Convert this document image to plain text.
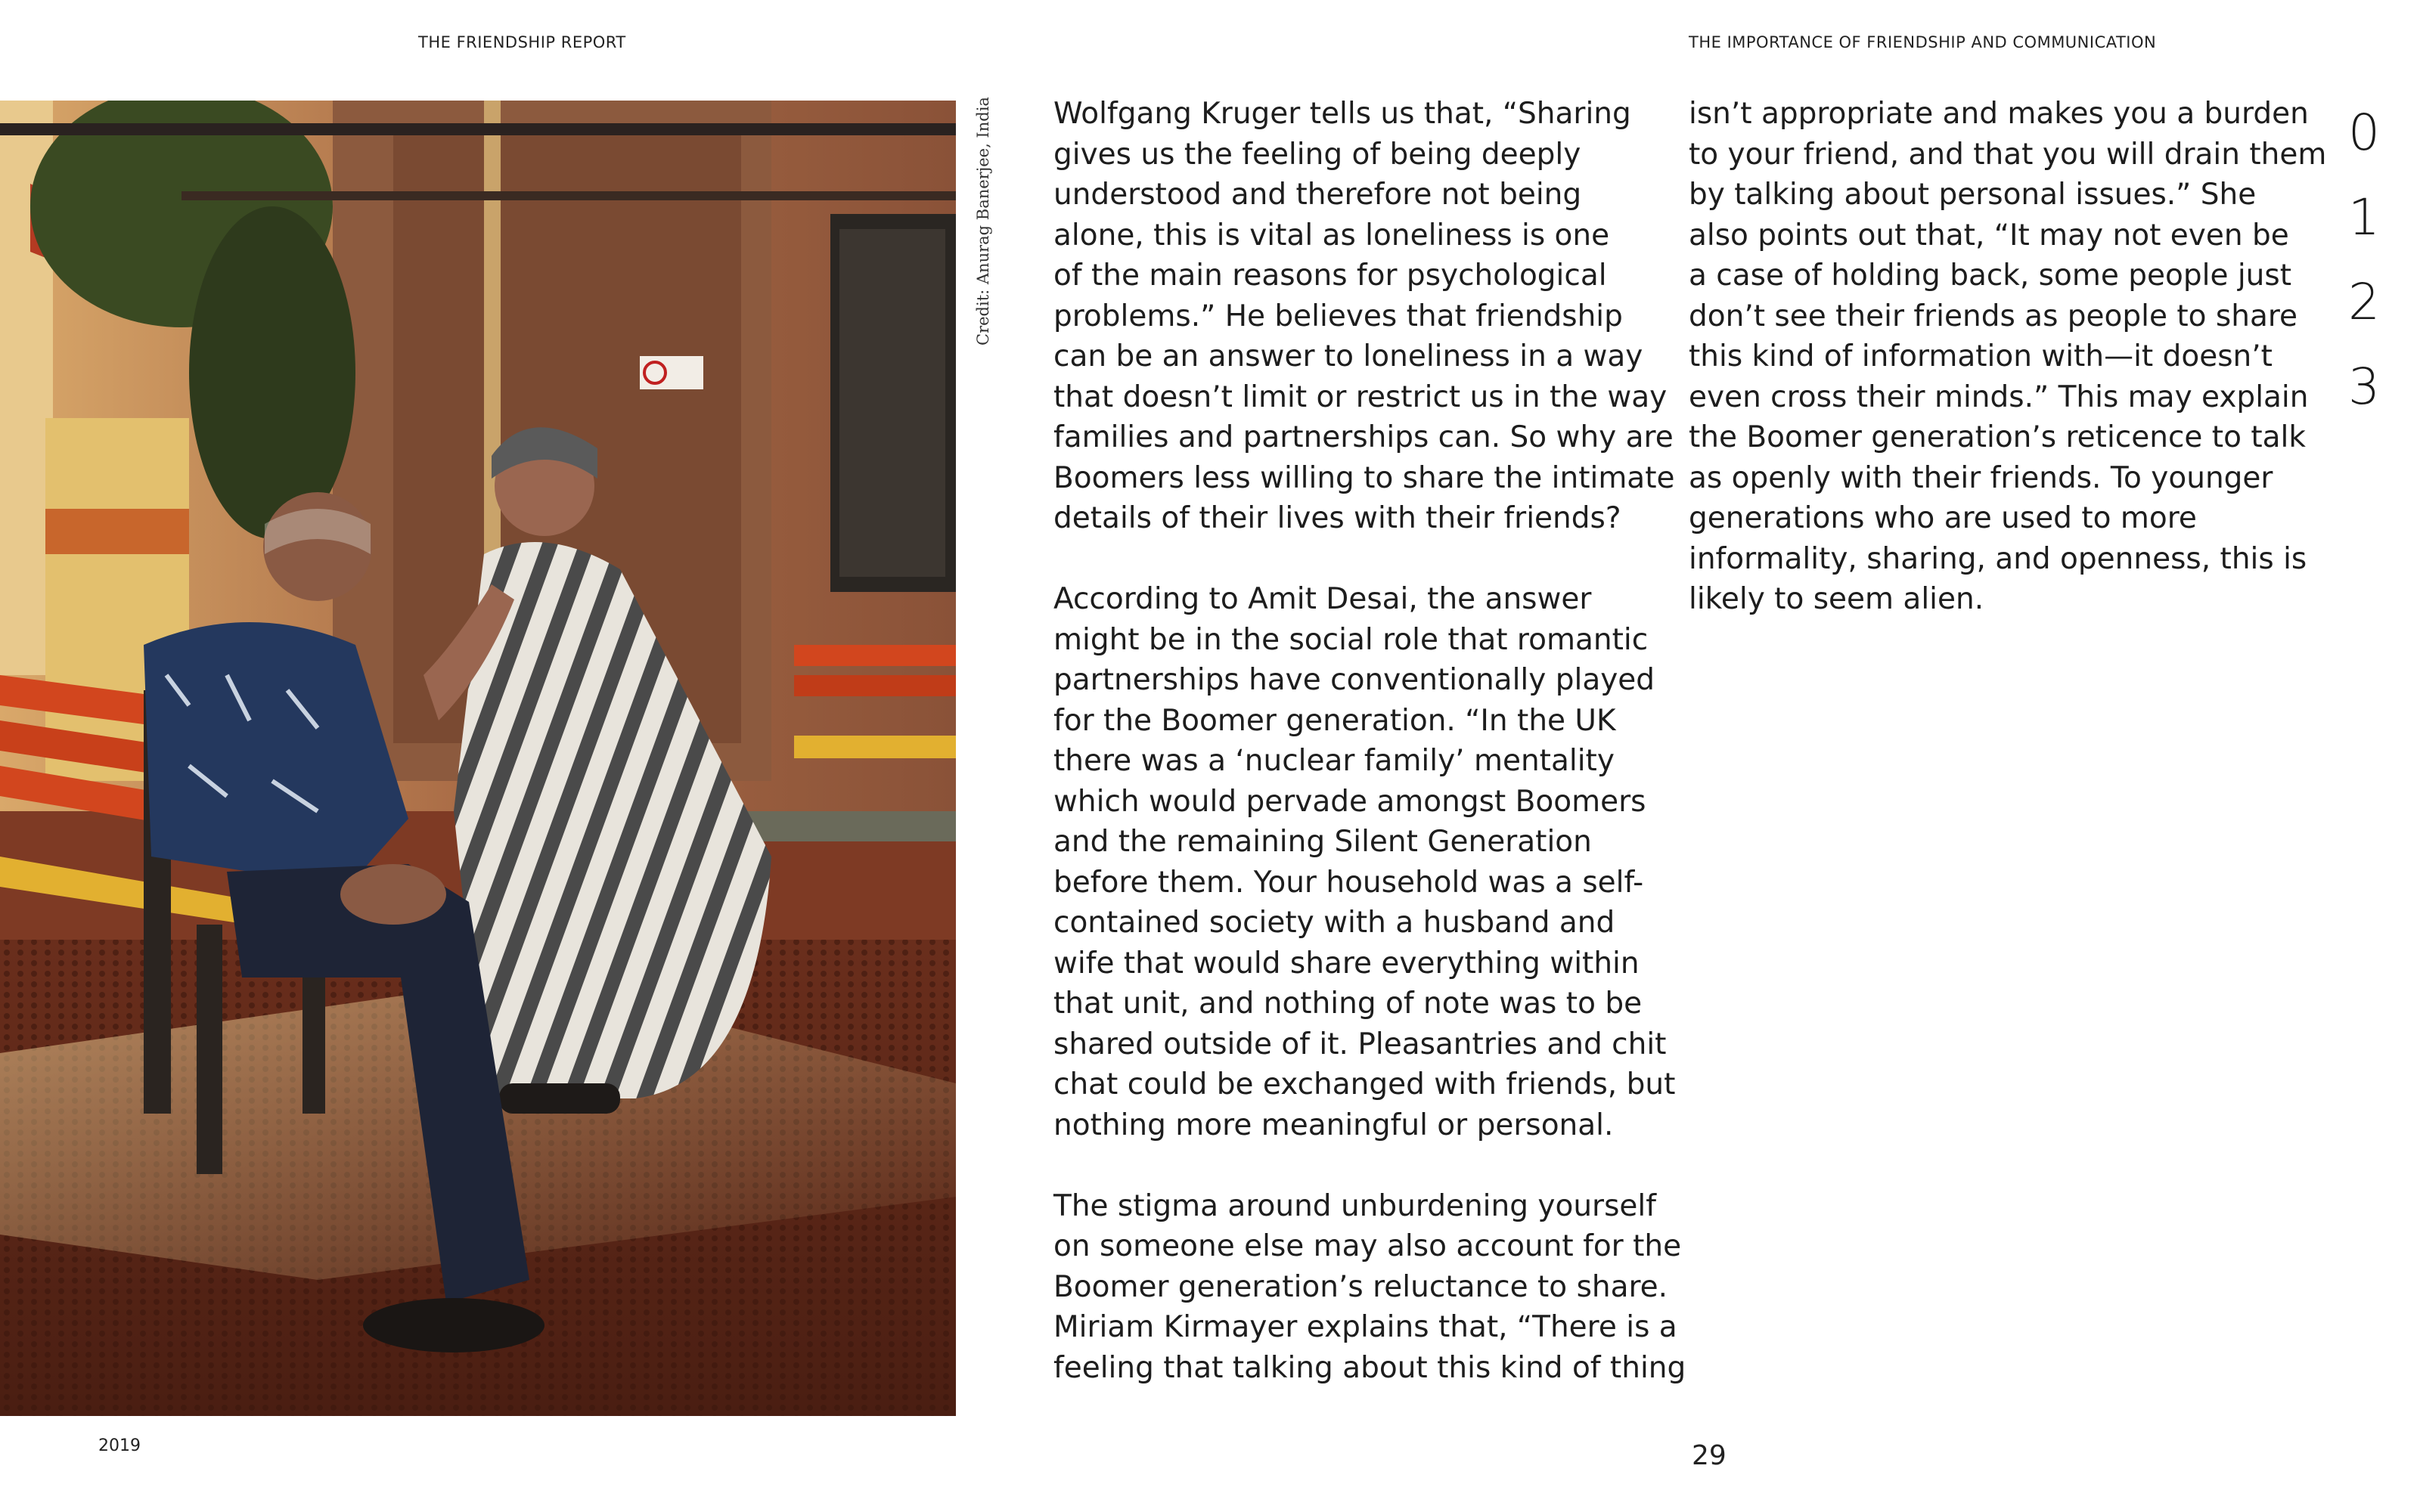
THE FRIENDSHIP REPORT	THE IMPORTANCE OF FRIENDSHIP AND COMMUNICATION
Credit: Anurag Banerjee, India Wolfgang Kruger tells us that, “Sharing
gives us the feeling of being deeply
understood and therefore not being
alone, this is vital as loneliness is one
of the main reasons for psychological
problems.” He believes that friendship
can be an answer to loneliness in a way
that doesn’t limit or restrict us in the way
families and partnerships can. So why are
Boomers less willing to share the intimate
details of their lives with their friends?

According to Amit Desai, the answer
might be in the social role that romantic
partnerships have conventionally played
for the Boomer generation. “In the UK
there was a ‘nuclear family’ mentality
which would pervade amongst Boomers
and the remaining Silent Generation
before them. Your household was a self-
contained society with a husband and
wife that would share everything within
that unit, and nothing of note was to be
shared outside of it. Pleasantries and chit
chat could be exchanged with friends, but
nothing more meaningful or personal.

The stigma around unburdening yourself
on someone else may also account for the
Boomer generation’s reluctance to share.
Miriam Kirmayer explains that, “There is a
feeling that talking about this kind of thing

isn’t appropriate and makes you a burden
to your friend, and that you will drain them
by talking about personal issues.” She
also points out that, “It may not even be
a case of holding back, some people just
don’t see their friends as people to share
this kind of information with—it doesn’t
even cross their minds.” This may explain
the Boomer generation’s reticence to talk
as openly with their friends. To younger
generations who are used to more
informality, sharing, and openness, this is
likely to seem alien.

0
1
2
3
2019	29
